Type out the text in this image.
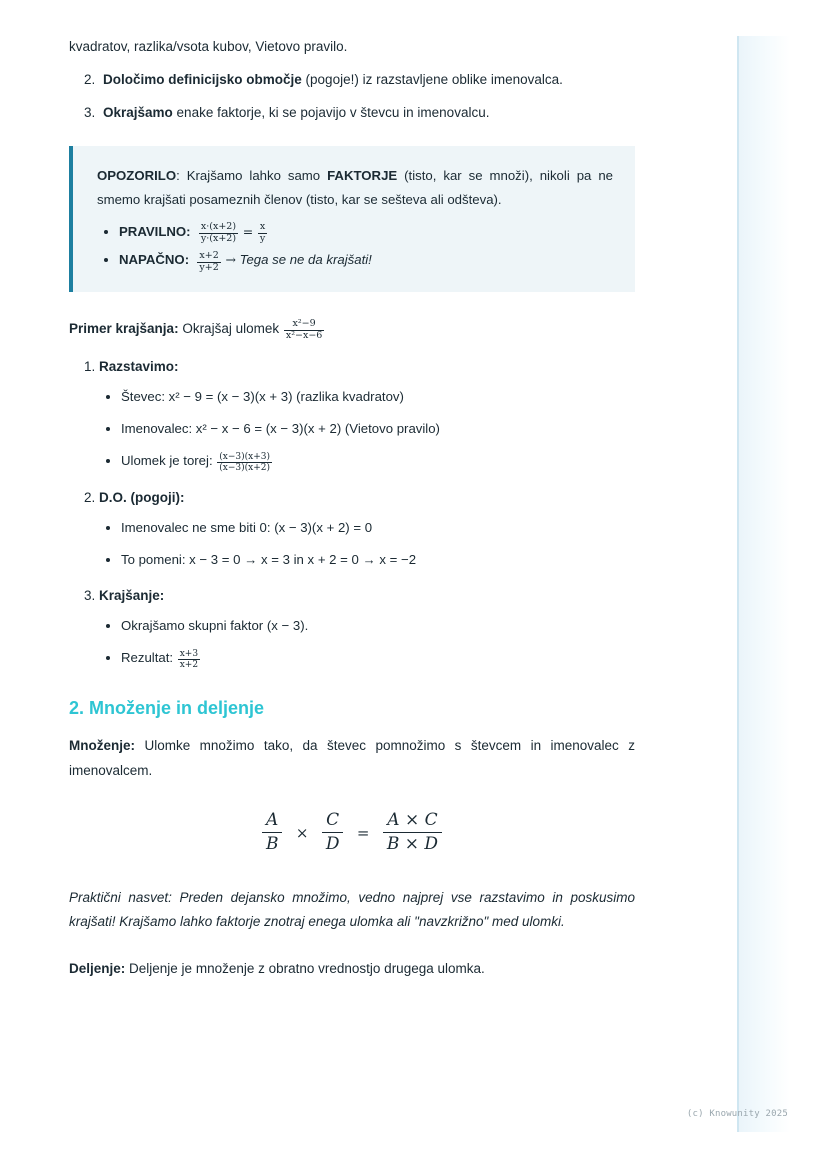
kvadratov, razlika/vsota kubov, Vietovo pravilo.

2. Določimo definicijsko območje (pogoje!) iz razstavljene oblike imenovalca.
3. Okrajšamo enake faktorje, ki se pojavijo v števcu in imenovalcu.

OPOZORILO: Krajšamo lahko samo FAKTORJE (tisto, kar se množi), nikoli pa ne smemo krajšati posameznih členov (tisto, kar se sešteva ali odšteva).

• PRAVILNO: $\frac{x\cdot(x+2)}{y\cdot(x+2)} = \frac{x}{y}$
• NAPAČNO: $\frac{x+2}{y+2}$ → Tega se ne da krajšati!

Primer krajšanja: Okrajšaj ulomek $\frac{\text{x²−9}}{\text{x²−x−6}}$

1. Razstavimo:
• Števec: x² − 9 = (x − 3)(x + 3) (razlika kvadratov)
• Imenovalec: x² − x − 6 = (x − 3)(x + 2) (Vietovo pravilo)
• Ulomek je torej: $\frac{(x-3)(x+3)}{(x-3)(x+2)}$
2. D.O. (pogoji):
• Imenovalec ne sme biti 0: (x − 3)(x + 2) = 0
• To pomeni: x − 3 = 0 → x = 3 in x + 2 = 0 → x = −2
3. Krajšanje:
• Okrajšamo skupni faktor (x − 3).
• Rezultat: $\frac{x+3}{x+2}$
2. Množenje in deljenje

Množenje: Ulomke množimo tako, da števec pomnožimo s števcem in imenovalec z imenovalcem.

$\frac{A}{B} \times \frac{C}{D} = \frac{A \times C}{B \times D}$

Praktični nasvet: Preden dejansko množimo, vedno najprej vse razstavimo in poskusimo krajšati! Krajšamo lahko faktorje znotraj enega ulomka ali "navzkrižno" med ulomki.

Deljenje: Deljenje je množenje z obratno vrednostjo drugega ulomka.

(c) Knowunity 2025
